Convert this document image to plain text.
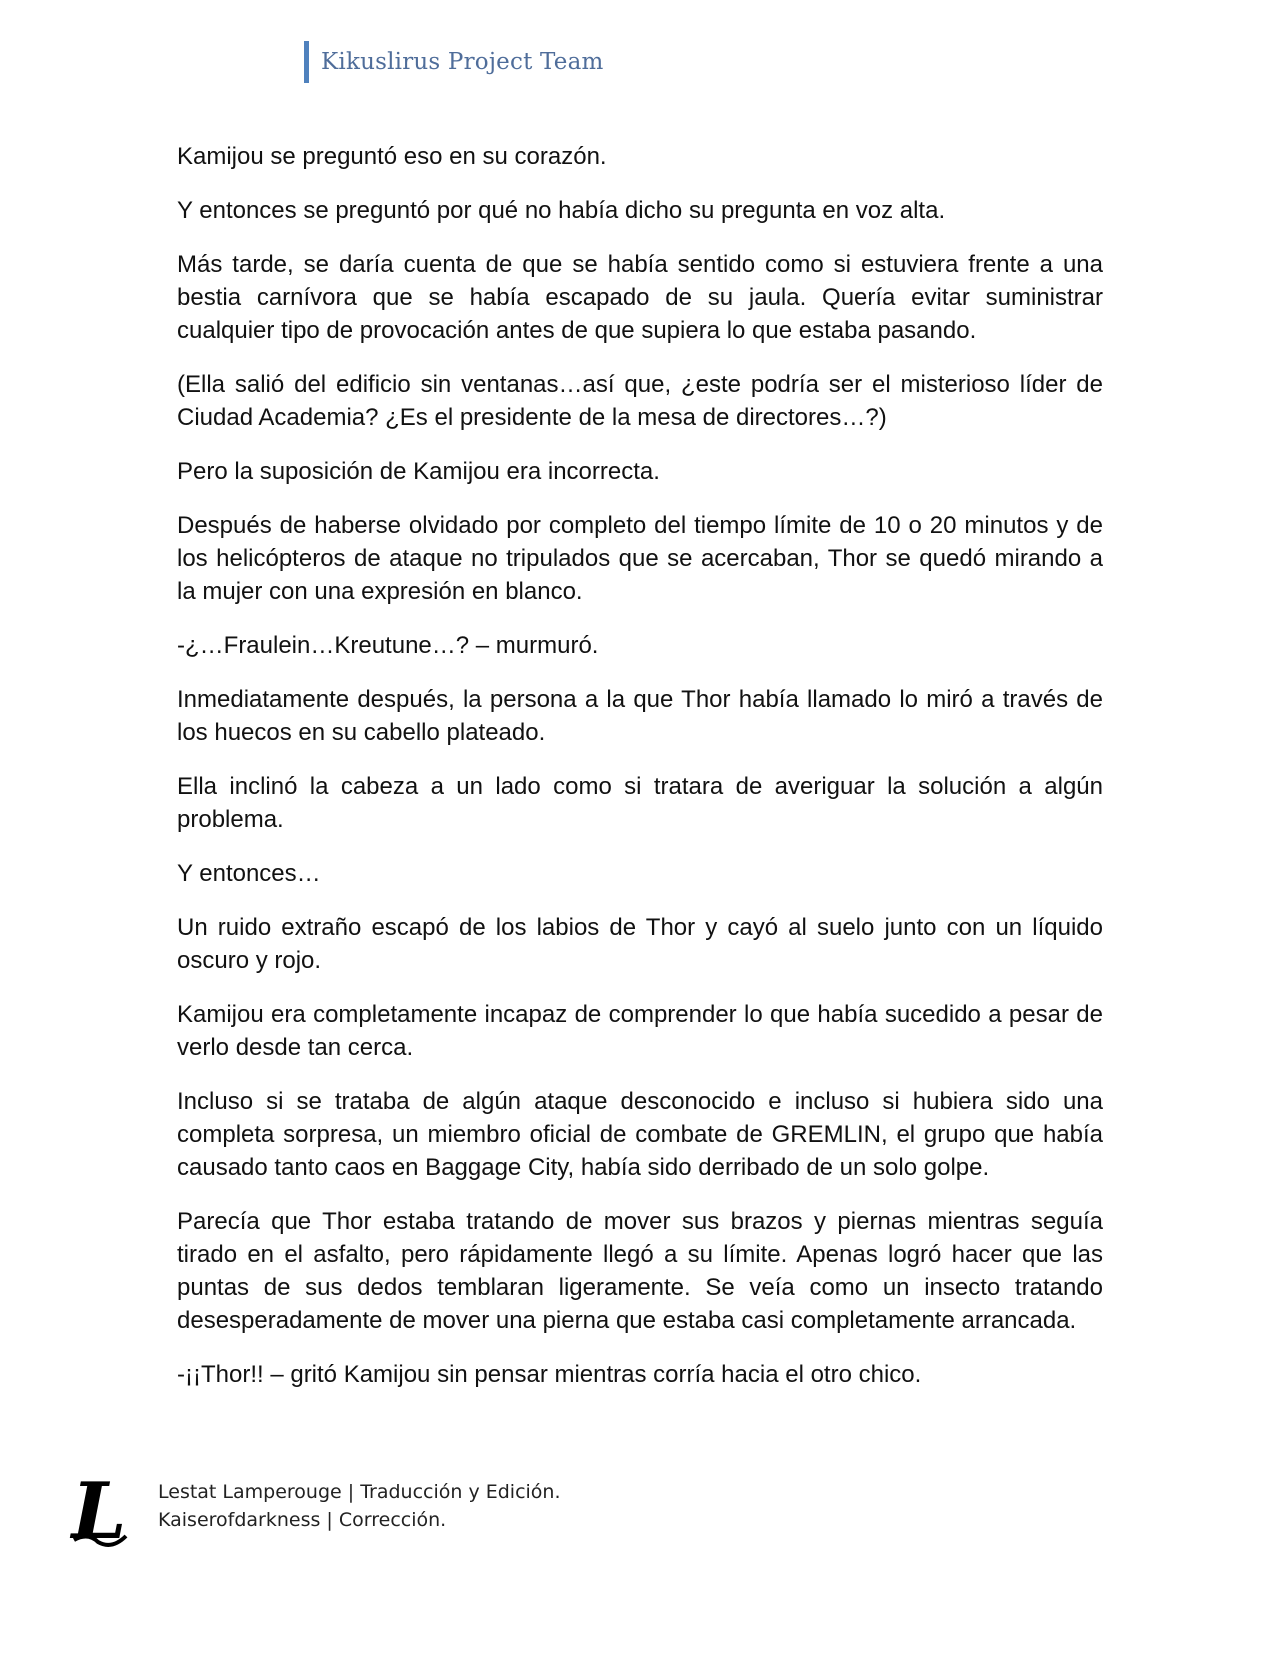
Kikuslirus Project Team

Kamijou se preguntó eso en su corazón.

Y entonces se preguntó por qué no había dicho su pregunta en voz alta.

Más tarde, se daría cuenta de que se había sentido como si estuviera frente a una bestia carnívora que se había escapado de su jaula. Quería evitar suministrar cualquier tipo de provocación antes de que supiera lo que estaba pasando.

(Ella salió del edificio sin ventanas…así que, ¿este podría ser el misterioso líder de Ciudad Academia? ¿Es el presidente de la mesa de directores…?)

Pero la suposición de Kamijou era incorrecta.

Después de haberse olvidado por completo del tiempo límite de 10 o 20 minutos y de los helicópteros de ataque no tripulados que se acercaban, Thor se quedó mirando a la mujer con una expresión en blanco.

-¿…Fraulein…Kreutune…? – murmuró.

Inmediatamente después, la persona a la que Thor había llamado lo miró a través de los huecos en su cabello plateado.

Ella inclinó la cabeza a un lado como si tratara de averiguar la solución a algún problema.

Y entonces…

Un ruido extraño escapó de los labios de Thor y cayó al suelo junto con un líquido oscuro y rojo.

Kamijou era completamente incapaz de comprender lo que había sucedido a pesar de verlo desde tan cerca.

Incluso si se trataba de algún ataque desconocido e incluso si hubiera sido una completa sorpresa, un miembro oficial de combate de GREMLIN, el grupo que había causado tanto caos en Baggage City, había sido derribado de un solo golpe.

Parecía que Thor estaba tratando de mover sus brazos y piernas mientras seguía tirado en el asfalto, pero rápidamente llegó a su límite. Apenas logró hacer que las puntas de sus dedos temblaran ligeramente. Se veía como un insecto tratando desesperadamente de mover una pierna que estaba casi completamente arrancada.

-¡¡Thor!! – gritó Kamijou sin pensar mientras corría hacia el otro chico.

L Lestat Lamperouge | Traducción y Edición.
Kaiserofdarkness | Corrección.
